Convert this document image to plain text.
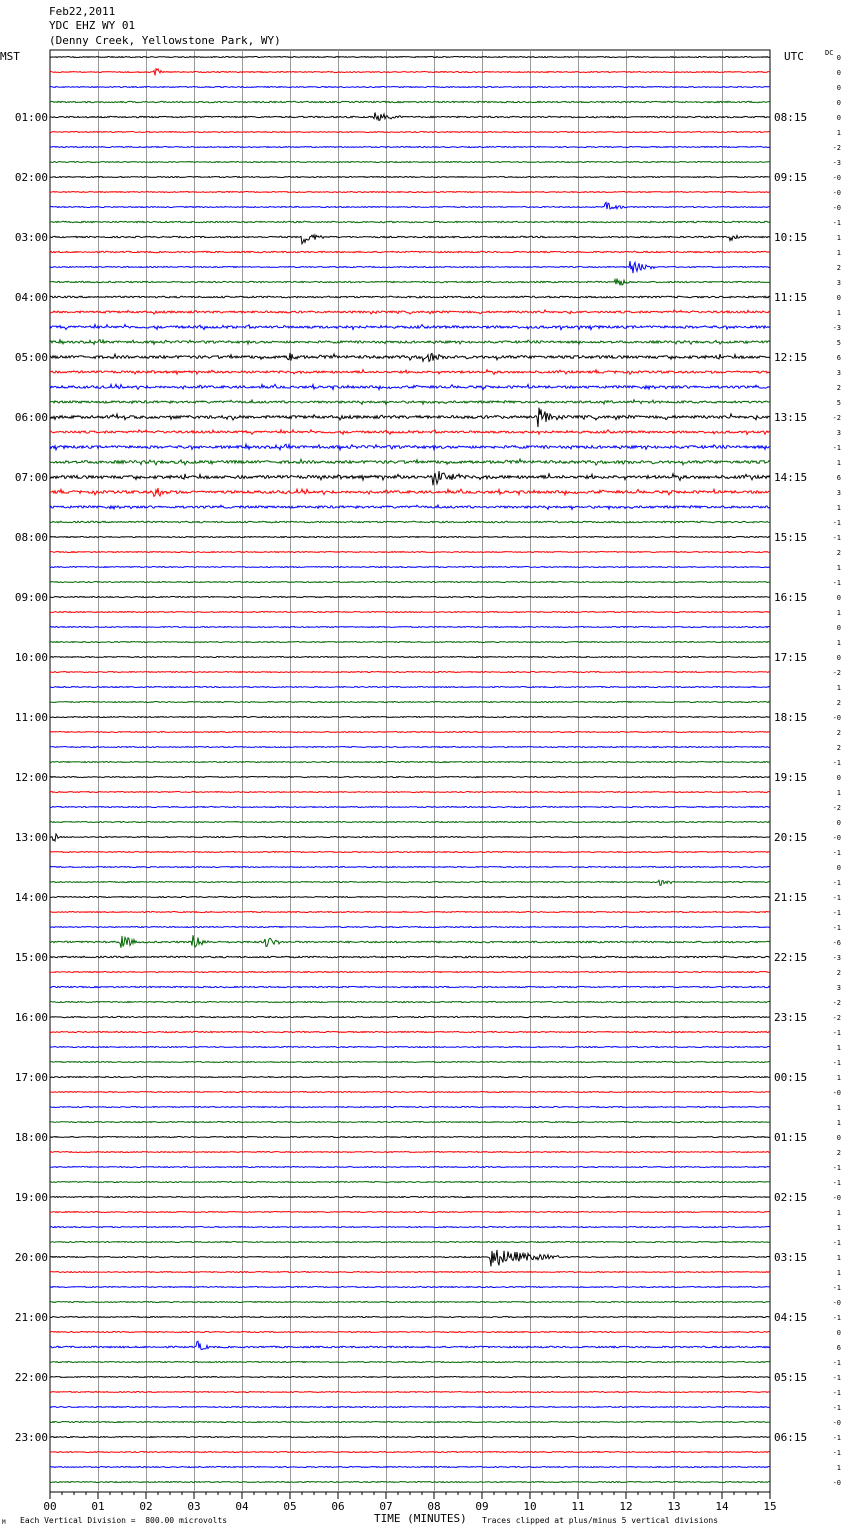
00	01	02	03	04	05	06	07	08	09	10	11	12	13	14	15
0
0
0
0
0
01:00	08:15
1
-2
-3
-0
02:00	09:15
-0
-0
-1
1
03:00	10:15
1
2
3
0
04:00	11:15
1
-3
5
6
05:00	12:15
3
2
5
-2
06:00	13:15
3
-1
1
6
07:00	14:15
3
1
-1
-1
08:00	15:15
2
1
-1
0
09:00	16:15
1
0
1
0
10:00	17:15
-2
1
2
-0
11:00	18:15
2
2
-1
0
12:00	19:15
1
-2
0
-0
13:00	20:15
-1
0
-1
-1
14:00	21:15
-1
-1
-6
-3
15:00	22:15
2
3
-2
-2
16:00	23:15
-1
1
-1
1
17:00	00:15
-0
1
1
0
18:00	01:15
2
-1
-1
-0
19:00	02:15
1
1
-1
1
20:00	03:15
1
-1
-0
-1
21:00	04:15
0
6
-1
-1
22:00	05:15
-1
-1
-0
-1
23:00	06:15
-1
1
-0
Feb22,2011
YDC EHZ WY 01
(Denny Creek, Yellowstone Park, WY)
MST	UTC	DC
M Each Vertical Division =  800.00 microvolts	TIME (MINUTES) Traces clipped at plus/minus 5 vertical divisions
